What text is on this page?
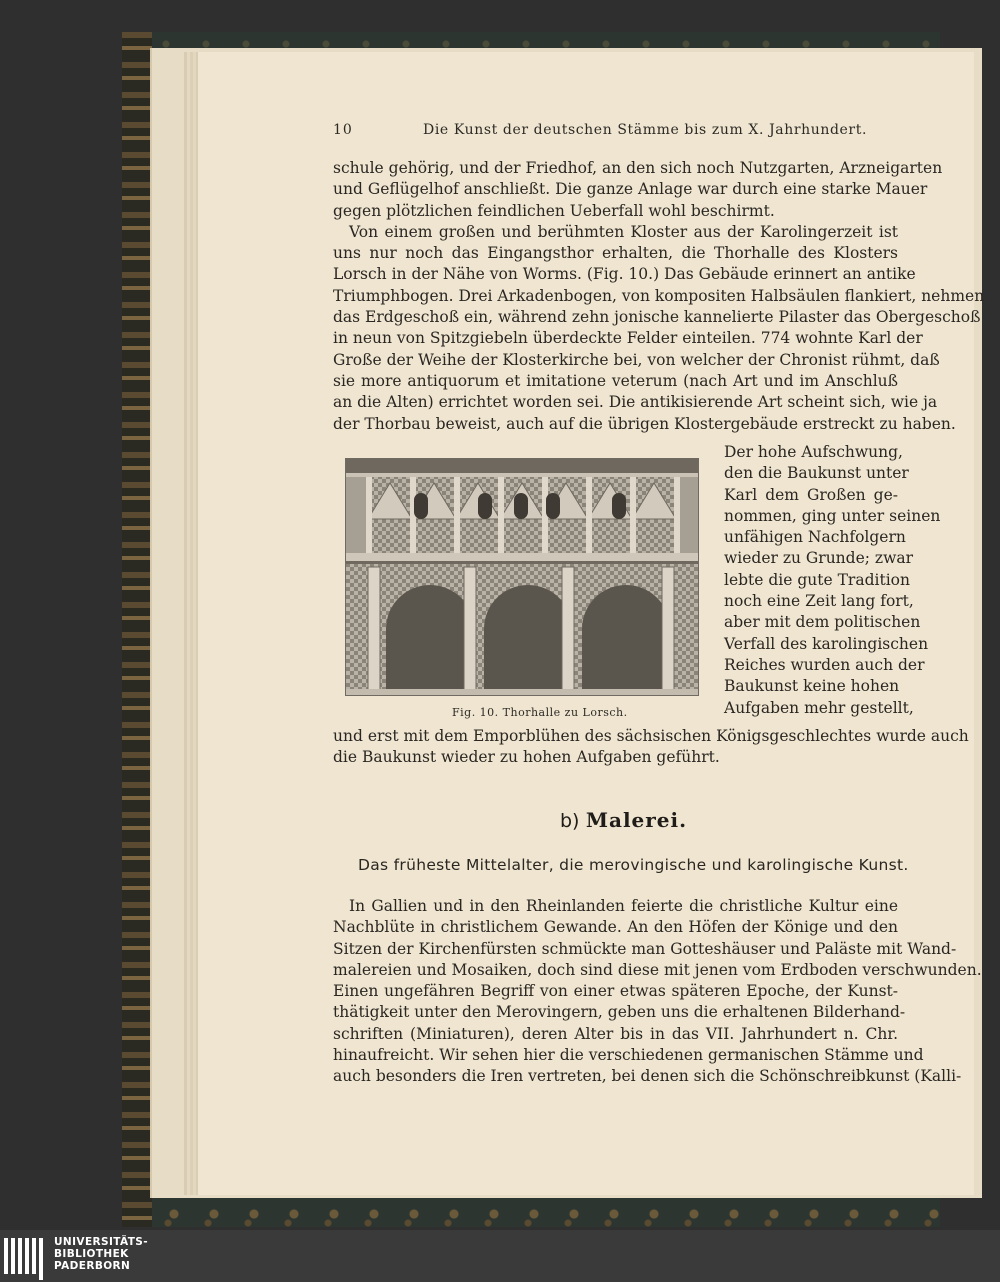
10	Die Kunst der deutschen Stämme bis zum X. Jahrhundert.
schule gehörig, und der Friedhof, an den sich noch Nutzgarten, Arzneigarten
und Geflügelhof anschließt. Die ganze Anlage war durch eine starke Mauer
gegen plötzlichen feindlichen Ueberfall wohl beschirmt.
Von einem großen und berühmten Kloster aus der Karolingerzeit ist
uns nur noch das Eingangsthor erhalten, die Thorhalle des Klosters
Lorsch in der Nähe von Worms. (Fig. 10.) Das Gebäude erinnert an antike
Triumphbogen. Drei Arkadenbogen, von kompositen Halbsäulen flankiert, nehmen
das Erdgeschoß ein, während zehn jonische kannelierte Pilaster das Obergeschoß
in neun von Spitzgiebeln überdeckte Felder einteilen. 774 wohnte Karl der
Große der Weihe der Klosterkirche bei, von welcher der Chronist rühmt, daß
sie more antiquorum et imitatione veterum (nach Art und im Anschluß
an die Alten) errichtet worden sei. Die antikisierende Art scheint sich, wie ja
der Thorbau beweist, auch auf die übrigen Klostergebäude erstreckt zu haben.
Der hohe Aufschwung,
den die Baukunst unter
Karl dem Großen ge-
nommen, ging unter seinen
unfähigen Nachfolgern
wieder zu Grunde; zwar
lebte die gute Tradition
noch eine Zeit lang fort,
aber mit dem politischen
Verfall des karolingischen
Reiches wurden auch der
Baukunst keine hohen
Aufgaben mehr gestellt,
Fig. 10. Thorhalle zu Lorsch.
und erst mit dem Emporblühen des sächsischen Königsgeschlechtes wurde auch
die Baukunst wieder zu hohen Aufgaben geführt.
b) Malerei.
Das früheste Mittelalter, die merovingische und karolingische Kunst.
In Gallien und in den Rheinlanden feierte die christliche Kultur eine
Nachblüte in christlichem Gewande. An den Höfen der Könige und den
Sitzen der Kirchenfürsten schmückte man Gotteshäuser und Paläste mit Wand-
malereien und Mosaiken, doch sind diese mit jenen vom Erdboden verschwunden.
Einen ungefähren Begriff von einer etwas späteren Epoche, der Kunst-
thätigkeit unter den Merovingern, geben uns die erhaltenen Bilderhand-
schriften (Miniaturen), deren Alter bis in das VII. Jahrhundert n. Chr.
hinaufreicht. Wir sehen hier die verschiedenen germanischen Stämme und
auch besonders die Iren vertreten, bei denen sich die Schönschreibkunst (Kalli-
UNIVERSITÄTS-
BIBLIOTHEK
PADERBORN
